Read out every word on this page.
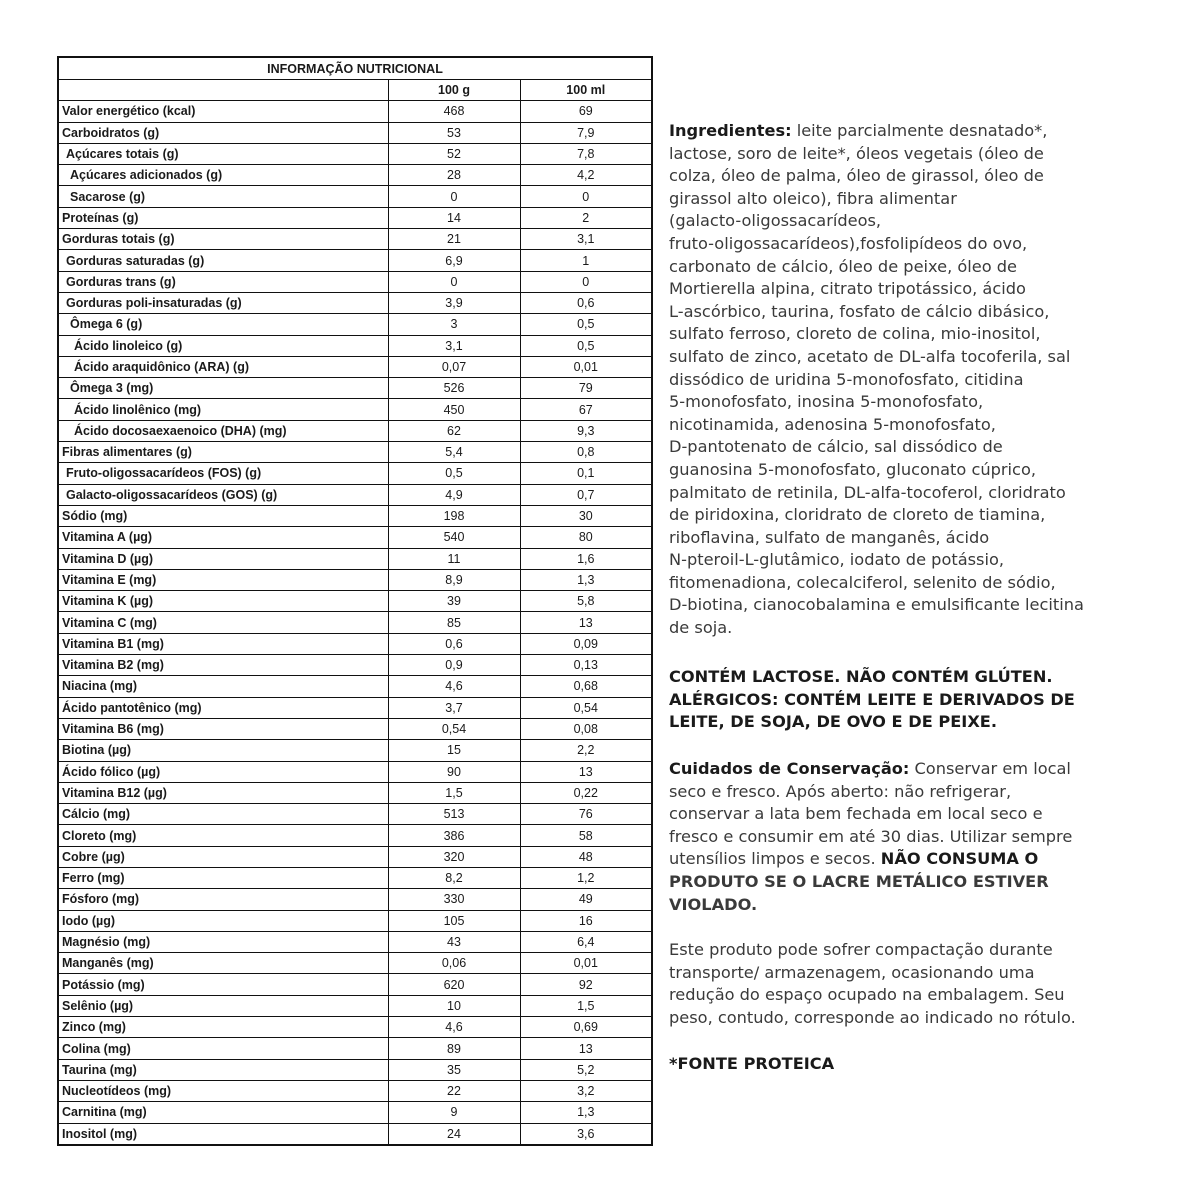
INFORMAÇÃO NUTRICIONAL		
	100 g	100 ml
Valor energético (kcal)	468	69
Carboidratos (g)	53	7,9
Açúcares totais (g)	52	7,8
Açúcares adicionados (g)	28	4,2
Sacarose (g)	0	0
Proteínas (g)	14	2
Gorduras totais (g)	21	3,1
Gorduras saturadas (g)	6,9	1
Gorduras trans (g)	0	0
Gorduras poli-insaturadas (g)	3,9	0,6
Ômega 6 (g)	3	0,5
Ácido linoleico (g)	3,1	0,5
Ácido araquidônico (ARA) (g)	0,07	0,01
Ômega 3 (mg)	526	79
Ácido linolênico (mg)	450	67
Ácido docosaexaenoico (DHA) (mg)	62	9,3
Fibras alimentares (g)	5,4	0,8
Fruto-oligossacarídeos (FOS) (g)	0,5	0,1
Galacto-oligossacarídeos (GOS) (g)	4,9	0,7
Sódio (mg)	198	30
Vitamina A (µg)	540	80
Vitamina D (µg)	11	1,6
Vitamina E (mg)	8,9	1,3
Vitamina K (µg)	39	5,8
Vitamina C (mg)	85	13
Vitamina B1 (mg)	0,6	0,09
Vitamina B2 (mg)	0,9	0,13
Niacina (mg)	4,6	0,68
Ácido pantotênico (mg)	3,7	0,54
Vitamina B6 (mg)	0,54	0,08
Biotina (µg)	15	2,2
Ácido fólico (µg)	90	13
Vitamina B12 (µg)	1,5	0,22
Cálcio (mg)	513	76
Cloreto (mg)	386	58
Cobre (µg)	320	48
Ferro (mg)	8,2	1,2
Fósforo (mg)	330	49
Iodo (µg)	105	16
Magnésio (mg)	43	6,4
Manganês (mg)	0,06	0,01
Potássio (mg)	620	92
Selênio (µg)	10	1,5
Zinco (mg)	4,6	0,69
Colina (mg)	89	13
Taurina (mg)	35	5,2
Nucleotídeos (mg)	22	3,2
Carnitina (mg)	9	1,3
Inositol (mg)	24	3,6

Ingredientes: leite parcialmente desnatado*,

lactose, soro de leite*, óleos vegetais (óleo de

colza, óleo de palma, óleo de girassol, óleo de

girassol alto oleico), fibra alimentar

(galacto-oligossacarídeos,

fruto-oligossacarídeos),fosfolipídeos do ovo,

carbonato de cálcio, óleo de peixe, óleo de

Mortierella alpina, citrato tripotássico, ácido

L-ascórbico, taurina, fosfato de cálcio dibásico,

sulfato ferroso, cloreto de colina, mio-inositol,

sulfato de zinco, acetato de DL-alfa tocoferila, sal

dissódico de uridina 5-monofosfato, citidina

5-monofosfato, inosina 5-monofosfato,

nicotinamida, adenosina 5-monofosfato,

D-pantotenato de cálcio, sal dissódico de

guanosina 5-monofosfato, gluconato cúprico,

palmitato de retinila, DL-alfa-tocoferol, cloridrato

de piridoxina, cloridrato de cloreto de tiamina,

riboflavina, sulfato de manganês, ácido

N-pteroil-L-glutâmico, iodato de potássio,

fitomenadiona, colecalciferol, selenito de sódio,

D-biotina, cianocobalamina e emulsificante lecitina

de soja.

CONTÉM LACTOSE. NÃO CONTÉM GLÚTEN.

ALÉRGICOS: CONTÉM LEITE E DERIVADOS DE

LEITE, DE SOJA, DE OVO E DE PEIXE.

Cuidados de Conservação: Conservar em local

seco e fresco. Após aberto: não refrigerar,

conservar a lata bem fechada em local seco e

fresco e consumir em até 30 dias. Utilizar sempre

utensílios limpos e secos. NÃO CONSUMA O

PRODUTO SE O LACRE METÁLICO ESTIVER

VIOLADO.

Este produto pode sofrer compactação durante

transporte/ armazenagem, ocasionando uma

redução do espaço ocupado na embalagem. Seu

peso, contudo, corresponde ao indicado no rótulo.

*FONTE PROTEICA
